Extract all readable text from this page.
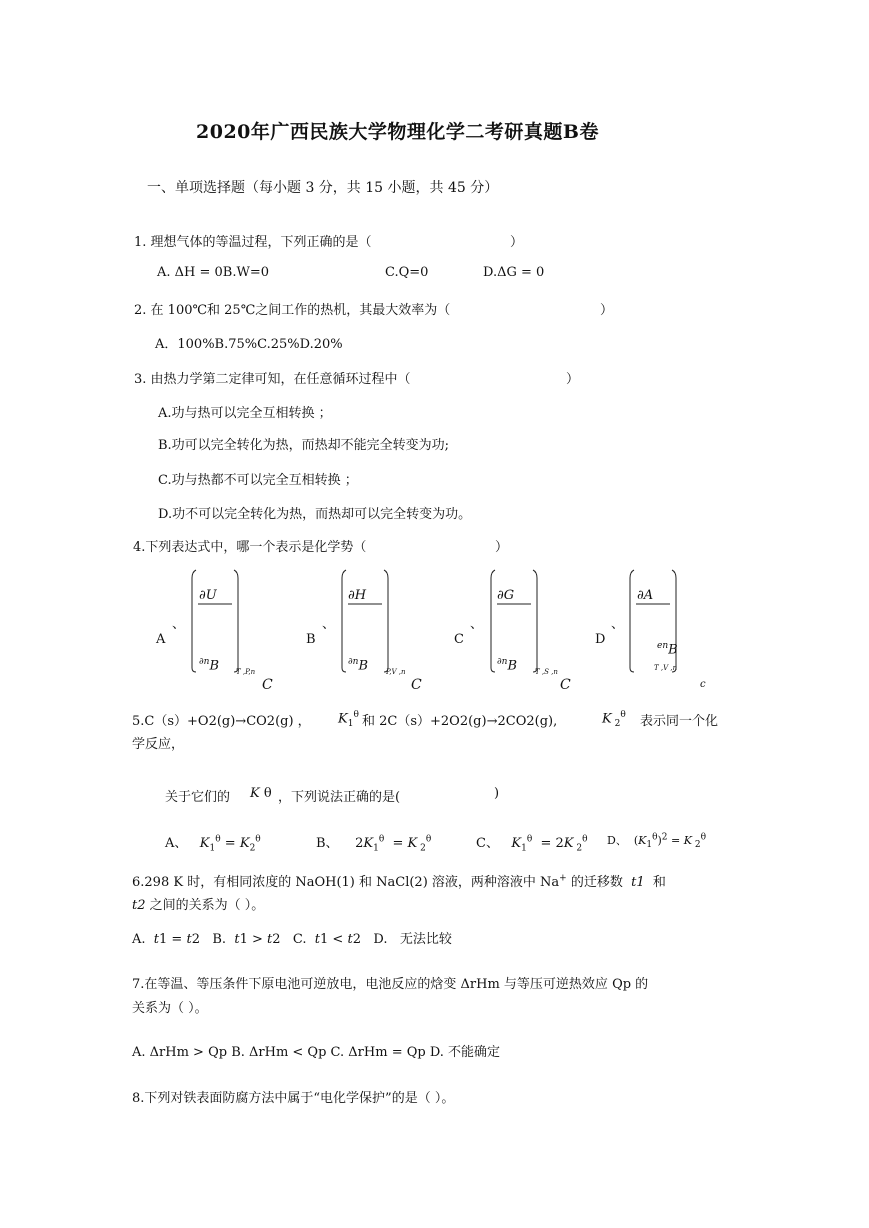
2020年广西民族大学物理化学二考研真题B卷
一、单项选择题（每小题 3 分，共 15 小题，共 45 分）
1. 理想气体的等温过程，下列正确的是（	）
A. ΔH = 0B.W=0	C.Q=0	D.ΔG = 0
2. 在 100℃和 25℃之间工作的热机，其最大效率为（	）
A．100%B.75%C.25%D.20%
3. 由热力学第二定律可知，在任意循环过程中（	）
A.功与热可以完全互相转换 ；
B.功可以完全转化为热，而热却不能完全转变为功;
C.功与热都不可以完全互相转换 ；
D.功不可以完全转化为热，而热却可以完全转变为功。
4.下列表达式中，哪一个表示是化学势（	）
∂U
$^{\partial n}$B T ,P,n
C
、
A
∂H
$^{\partial n}$B	P,V ,n
C
、
B
∂G
$^{\partial n}$B	T ,S ,n
C
、
C
∂A
$^{en}$B
T ,V ,n
c
、
D
5.C（s）+O2(g)→CO2(g) ， $K_1^\theta$ 和 2C（s）+2O2(g)→2CO2(g),	K $_2^\theta$ 表示同一个化
学反应，
关于它们的 K θ ，下列说法正确的是(	)
A、 $K_1^\theta = K_2^\theta$	B、    $2K_1^\theta = K$ $_2^\theta$	C、 $K_1^\theta = 2K$ $_2^\theta$ D、  $(K_1^\theta)^2 = K$ $_2^\theta$
6.298 K 时，有相同浓度的 NaOH(1) 和 NaCl(2) 溶液，两种溶液中 Na+ 的迁移数 t1 和
t2 之间的关系为（ ）。
A. t1 = t2   B. t1 > t2   C. t1 < t2   D. 无法比较
7.在等温、等压条件下原电池可逆放电，电池反应的焓变 ΔrHm 与等压可逆热效应 Qp 的
关系为（ ）。
A. ΔrHm > Qp B. ΔrHm < Qp C. ΔrHm = Qp D. 不能确定
8.下列对铁表面防腐方法中属于“电化学保护”的是（ ）。
